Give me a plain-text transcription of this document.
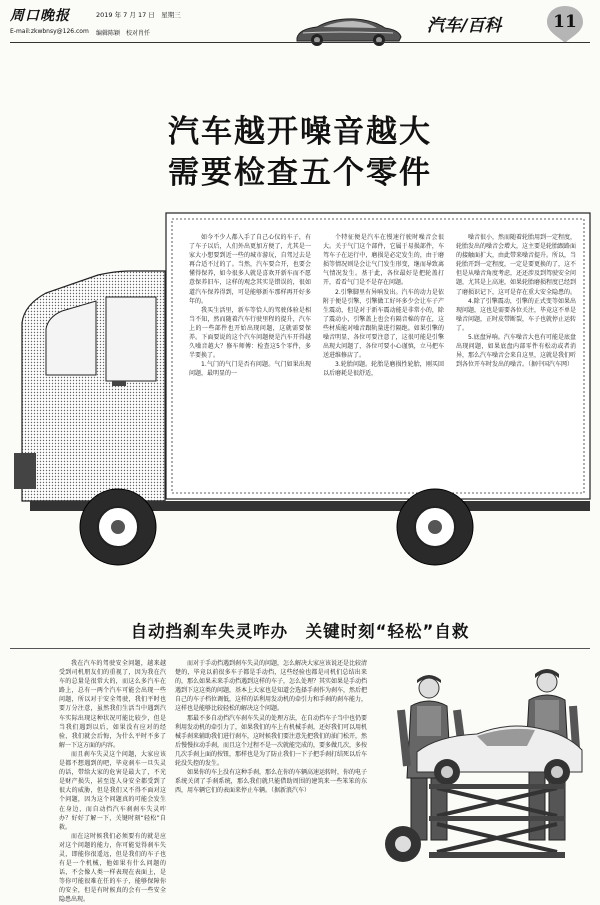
周口晚报	2019 年 7 月 17 日　星期三
E-mail:zkwbnsy@126.com 编辑陈颖　校对肖忏	汽车/百科	11
汽车越开噪音越大
需要检查五个零件

如今不少人都入手了自己心仪的车子，有了车子以后，人们外出更加方便了，尤其是一家大小想要到近一些的城市游玩，自驾过去是再合适不过的了。当然，汽车要合开，也要会懂得保养，如今很多人就是喜欢开新车而不愿意保养旧车，这样的观念其实是错误的，很如道汽车保养得到，可是能够新车那样再开好多年的。

我买生活里，新车等恰人的驾驶体验是相当不知，然而随着汽车行驶里程的提升，汽车上的一些部件也开始出现问题，这就需要保养。下面要说的这个汽车问题便是汽车开得越久噪音越大？修车师傅：检查这5个零件，多半要换了。

1.气门的气门是否有问题。气门如果出现问题，最明显的一

个特征便是汽车在慢速行驶时噪音会很大。关于气门这个部件，它属于易损部件，车驾车子在运行中，磨损是必定发生的，由于磨损等情况则是会让气门发生形变，继而导致离气情况发生。基于此，各位最好是把轮盖打开，看看气门是不是存在问题。

2.引擎脚里有异响发出。汽车的动力是依附于便是引擎，引擎做工好坏多少会让车子产生震动，但是对于新车震动能是非常小的，除了震动小，引擎盖上也会有隔音棉的存在，这些材质能对噪音跟轨量进行隔绝。如果引擎的噪音明显，各位可要注意了，这很可能是引擎出现大问题了，各位可要小心谨慎，立马把车送进维修店了。

3.轮胎问题。轮胎是磨损性轮胎，刚买回以后磨耗是很舒适，

噪音很小，然而随着轮胎用到一定程度，轮胎发出的噪音会增大，这主要是轮胎跟路面的接触面扩大，由此带来噪音提升。所以，当轮胎开到一定程度，一定是要更换的了，这不但是从噪音角度考虑，还还涉及到驾驶安全问题，尤其是上高速，如果轮胎磨损程度已经到了磨损识记下，这可是存在重大安全隐患的。

4.除了引擎震动，引擎的正式变等如果出现问题，这也是需要各位关注，毕竟这不单是噪音问题，正时皮带断裂，车子也就停止运转了。

5.底盘异响。汽车噪音大也有可能是底盘出现问题，如果底盘内部零件有松动或者消异，那么汽车噪音会来自这里，这就是我们听到各位开车时发出的噪音。（据中国汽车网）

自动挡刹车失灵咋办　关键时刻“轻松”自救

我在汽车的驾驶安全问题，越来越受到司机朋友们的重视了，因为我在汽车的总量是很常大的，而这么多汽车在路上，总有一两个汽车可能会出现一些问题，所以对于安全驾驶，我们平时也要万分注意，虽然我们生活当中遇到汽车实际出现这种状况可能比较少，但是当我们遇到以后，如果没有应对的经验，我们就会后悔，为什么平时不多了解一下这方面的内容。

而且刹车失灵这个问题，大家应该是都不想遇到的吧，毕竟刹车一旦失灵的话，带给大家的危害是最大了，不光是财产损失，甚至连人身安全都受到了很大的威胁，但是我们又不得不面对这个问题，因为这个问题真的可能会发生在身边，而自动挡汽车刹刹车失灵咋办？好好了解一下，关键时刻“轻松”自救。

而在这时候我们必须要有的就是应对这个问题的能力，你可能觉得刹车失灵，即能你很遥远，但是我们的车子也有是一个机械，他如果有什么问题的话，不会像人类一样表现在表面上，是等你可能很难在任的车子，能够保障你的安全，但是有时候真的会有一些安全隐患出现。

而对于手动挡遇到刹车失灵的问题，怎么解决大家应该说还是比较清楚的，毕竟以前很多车子都是手动挡，这些经验也都是司机们总结出来的，那么如果未来手动挡遇到这样的车子，怎么处理？其实如果是手动挡遇到下这这类的问题，基本上大家也是知道会选择手刹作为刹车，然后把自己的车子档位调低，这样的话利用发动机的牵引力和手刹的刹车能力，这样也是能够比较轻松的解决这个问题。

那最不多自动挡汽车刹车失灵的处理方法，在自动挡车子当中也仍要利用发动机的牵引力了，如果我们的车上有机械手刹，还好我们可以用机械手刹来辅助我们进行刹车，这时候我们要注意先把我们的油门松开，然后慢慢拉动手刹，而且这个过程不是一次就能完成的，要多做几次，多按几次手刹上面的按钮，那样也是为了防止我们一下子把手刹打结死以后车轮没失控的发生。

如果你的车上没有这种手刹，那么在你的车辆高速运转时，你的电子系统关闭了手刹系统，那么我们就只能借助周围的建筑来一些笨笨的东西，用车辆它们的表面来停止车辆。（据新浪汽车）
